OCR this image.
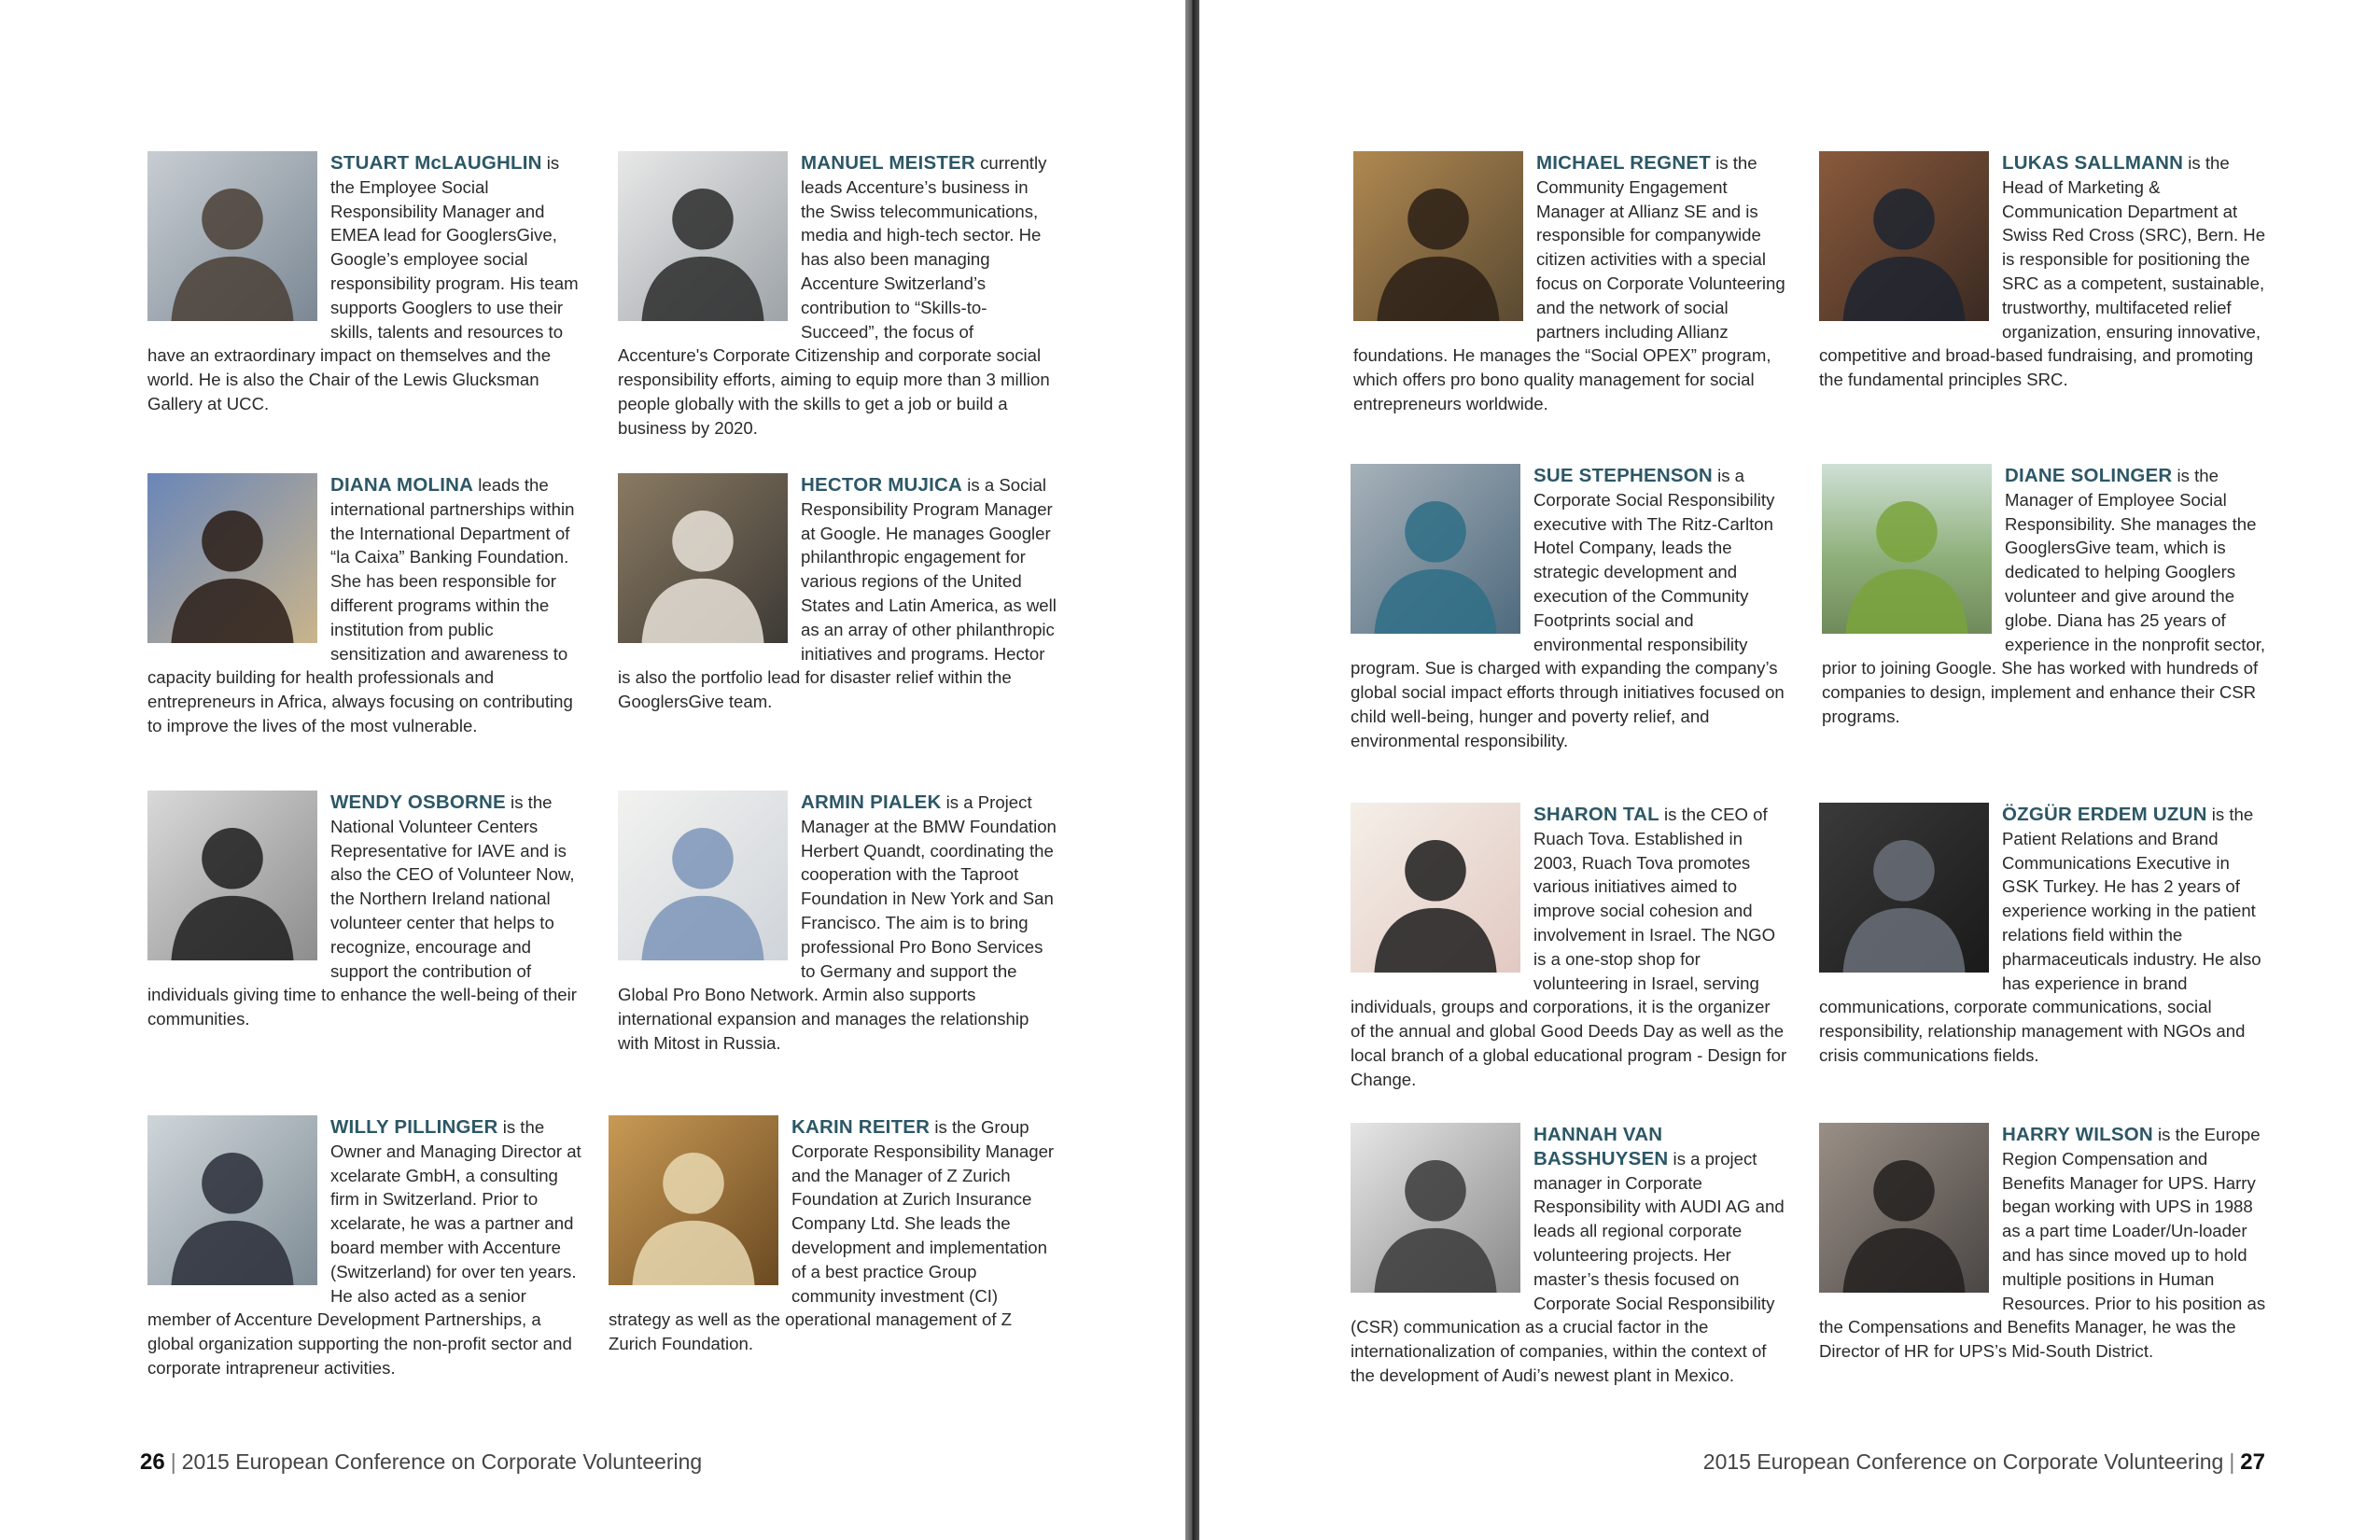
STUART McLAUGHLIN is the Employee Social Responsibility Manager and EMEA lead for GooglersGive, Google’s employee social responsibility program. His team supports Googlers to use their skills, talents and resources to have an extraordinary impact on themselves and the world. He is also the Chair of the Lewis Glucksman Gallery at UCC.

MANUEL MEISTER currently leads Accenture’s business in the Swiss telecommunications, media and high-tech sector. He has also been managing Accenture Switzerland’s contribution to “Skills-to-Succeed”, the focus of Accenture's Corporate Citizenship and corporate social responsibility efforts, aiming to equip more than 3 million people globally with the skills to get a job or build a business by 2020.

DIANA MOLINA leads the international partnerships within the International Department of “la Caixa” Banking Foundation. She has been responsible for different programs within the institution from public sensitization and awareness to capacity building for health professionals and entrepreneurs in Africa, always focusing on contributing to improve the lives of the most vulnerable.

HECTOR MUJICA is a Social Responsibility Program Manager at Google. He manages Googler philanthropic engagement for various regions of the United States and Latin America, as well as an array of other philanthropic initiatives and programs. Hector is also the portfolio lead for disaster relief within the GooglersGive team.

WENDY OSBORNE is the National Volunteer Centers Representative for IAVE and is also the CEO of Volunteer Now, the Northern Ireland national volunteer center that helps to recognize, encourage and support the contribution of individuals giving time to enhance the well-being of their communities.

ARMIN PIALEK is a Project Manager at the BMW Foundation Herbert Quandt, coordinating the cooperation with the Taproot Foundation in New York and San Francisco. The aim is to bring professional Pro Bono Services to Germany and support the Global Pro Bono Network. Armin also supports international expansion and manages the relationship with Mitost in Russia.

WILLY PILLINGER is the Owner and Managing Director at xcelarate GmbH, a consulting firm in Switzerland. Prior to xcelarate, he was a partner and board member with Accenture (Switzerland) for over ten years. He also acted as a senior member of Accenture Development Partnerships, a global organization supporting the non-profit sector and corporate intrapreneur activities.

KARIN REITER is the Group Corporate Responsibility Manager and the Manager of Z Zurich Foundation at Zurich Insurance Company Ltd. She leads the development and implementation of a best practice Group community investment (CI) strategy as well as the operational management of Z Zurich Foundation.

26 | 2015 European Conference on Corporate Volunteering

MICHAEL REGNET is the Community Engagement Manager at Allianz SE and is responsible for companywide citizen activities with a special focus on Corporate Volunteering and the network of social partners including Allianz foundations. He manages the “Social OPEX” program, which offers pro bono quality management for social entrepreneurs worldwide.

LUKAS SALLMANN is the Head of Marketing & Communication Department at Swiss Red Cross (SRC), Bern. He is responsible for positioning the SRC as a competent, sustainable, trustworthy, multifaceted relief organization, ensuring innovative, competitive and broad-based fundraising, and promoting the fundamental principles SRC.

SUE STEPHENSON is a Corporate Social Responsibility executive with The Ritz-Carlton Hotel Company, leads the strategic development and execution of the Community Footprints social and environmental responsibility program. Sue is charged with expanding the company’s global social impact efforts through initiatives focused on child well-being, hunger and poverty relief, and environmental responsibility.

DIANE SOLINGER is the Manager of Employee Social Responsibility. She manages the GooglersGive team, which is dedicated to helping Googlers volunteer and give around the globe. Diana has 25 years of experience in the nonprofit sector, prior to joining Google. She has worked with hundreds of companies to design, implement and enhance their CSR programs.

SHARON TAL is the CEO of Ruach Tova. Established in 2003, Ruach Tova promotes various initiatives aimed to improve social cohesion and involvement in Israel. The NGO is a one-stop shop for volunteering in Israel, serving individuals, groups and corporations, it is the organizer of the annual and global Good Deeds Day as well as the local branch of a global educational program - Design for Change.

ÖZGÜR ERDEM UZUN is the Patient Relations and Brand Communications Executive in GSK Turkey. He has 2 years of experience working in the patient relations field within the pharmaceuticals industry. He also has experience in brand communications, corporate communications, social responsibility, relationship management with NGOs and crisis communications fields.

HANNAH VAN BASSHUYSEN is a project manager in Corporate Responsibility with AUDI AG and leads all regional corporate volunteering projects. Her master’s thesis focused on Corporate Social Responsibility (CSR) communication as a crucial factor in the internationalization of companies, within the context of the development of Audi’s newest plant in Mexico.

HARRY WILSON is the Europe Region Compensation and Benefits Manager for UPS. Harry began working with UPS in 1988 as a part time Loader/Un-loader and has since moved up to hold multiple positions in Human Resources. Prior to his position as the Compensations and Benefits Manager, he was the Director of HR for UPS’s Mid-South District.

2015 European Conference on Corporate Volunteering | 27
